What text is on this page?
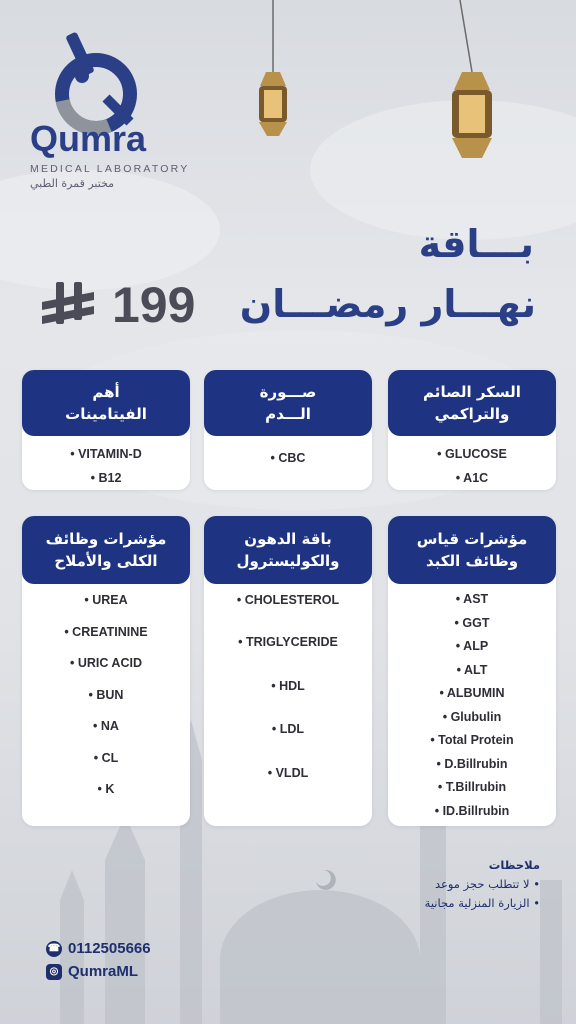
Qumra
MEDICAL LABORATORY
مختبر قمرة الطبي
بـــاقة
نهـــار رمضـــان
199
السكر الصائم
والتراكمي
• GLUCOSE
• A1C
صـــورة
الـــدم
• CBC
أهم
الفيتامينات
• VITAMIN-D
• B12
مؤشرات قياس
وظائف الكبد
• AST
• GGT
• ALP
• ALT
• ALBUMIN
• Glubulin
• Total Protein
• D.Billrubin
• T.Billrubin
• ID.Billrubin
باقة الدهون
والكوليسترول
• CHOLESTEROL
• TRIGLYCERIDE
• HDL
• LDL
• VLDL
مؤشرات وظائف
الكلى والأملاح
• UREA
• CREATININE
• URIC ACID
• BUN
• NA
• CL
• K
ملاحظات
• لا تتطلب حجز موعد
• الزيارة المنزلية مجانية
☎ 0112505666
◎ QumraML
